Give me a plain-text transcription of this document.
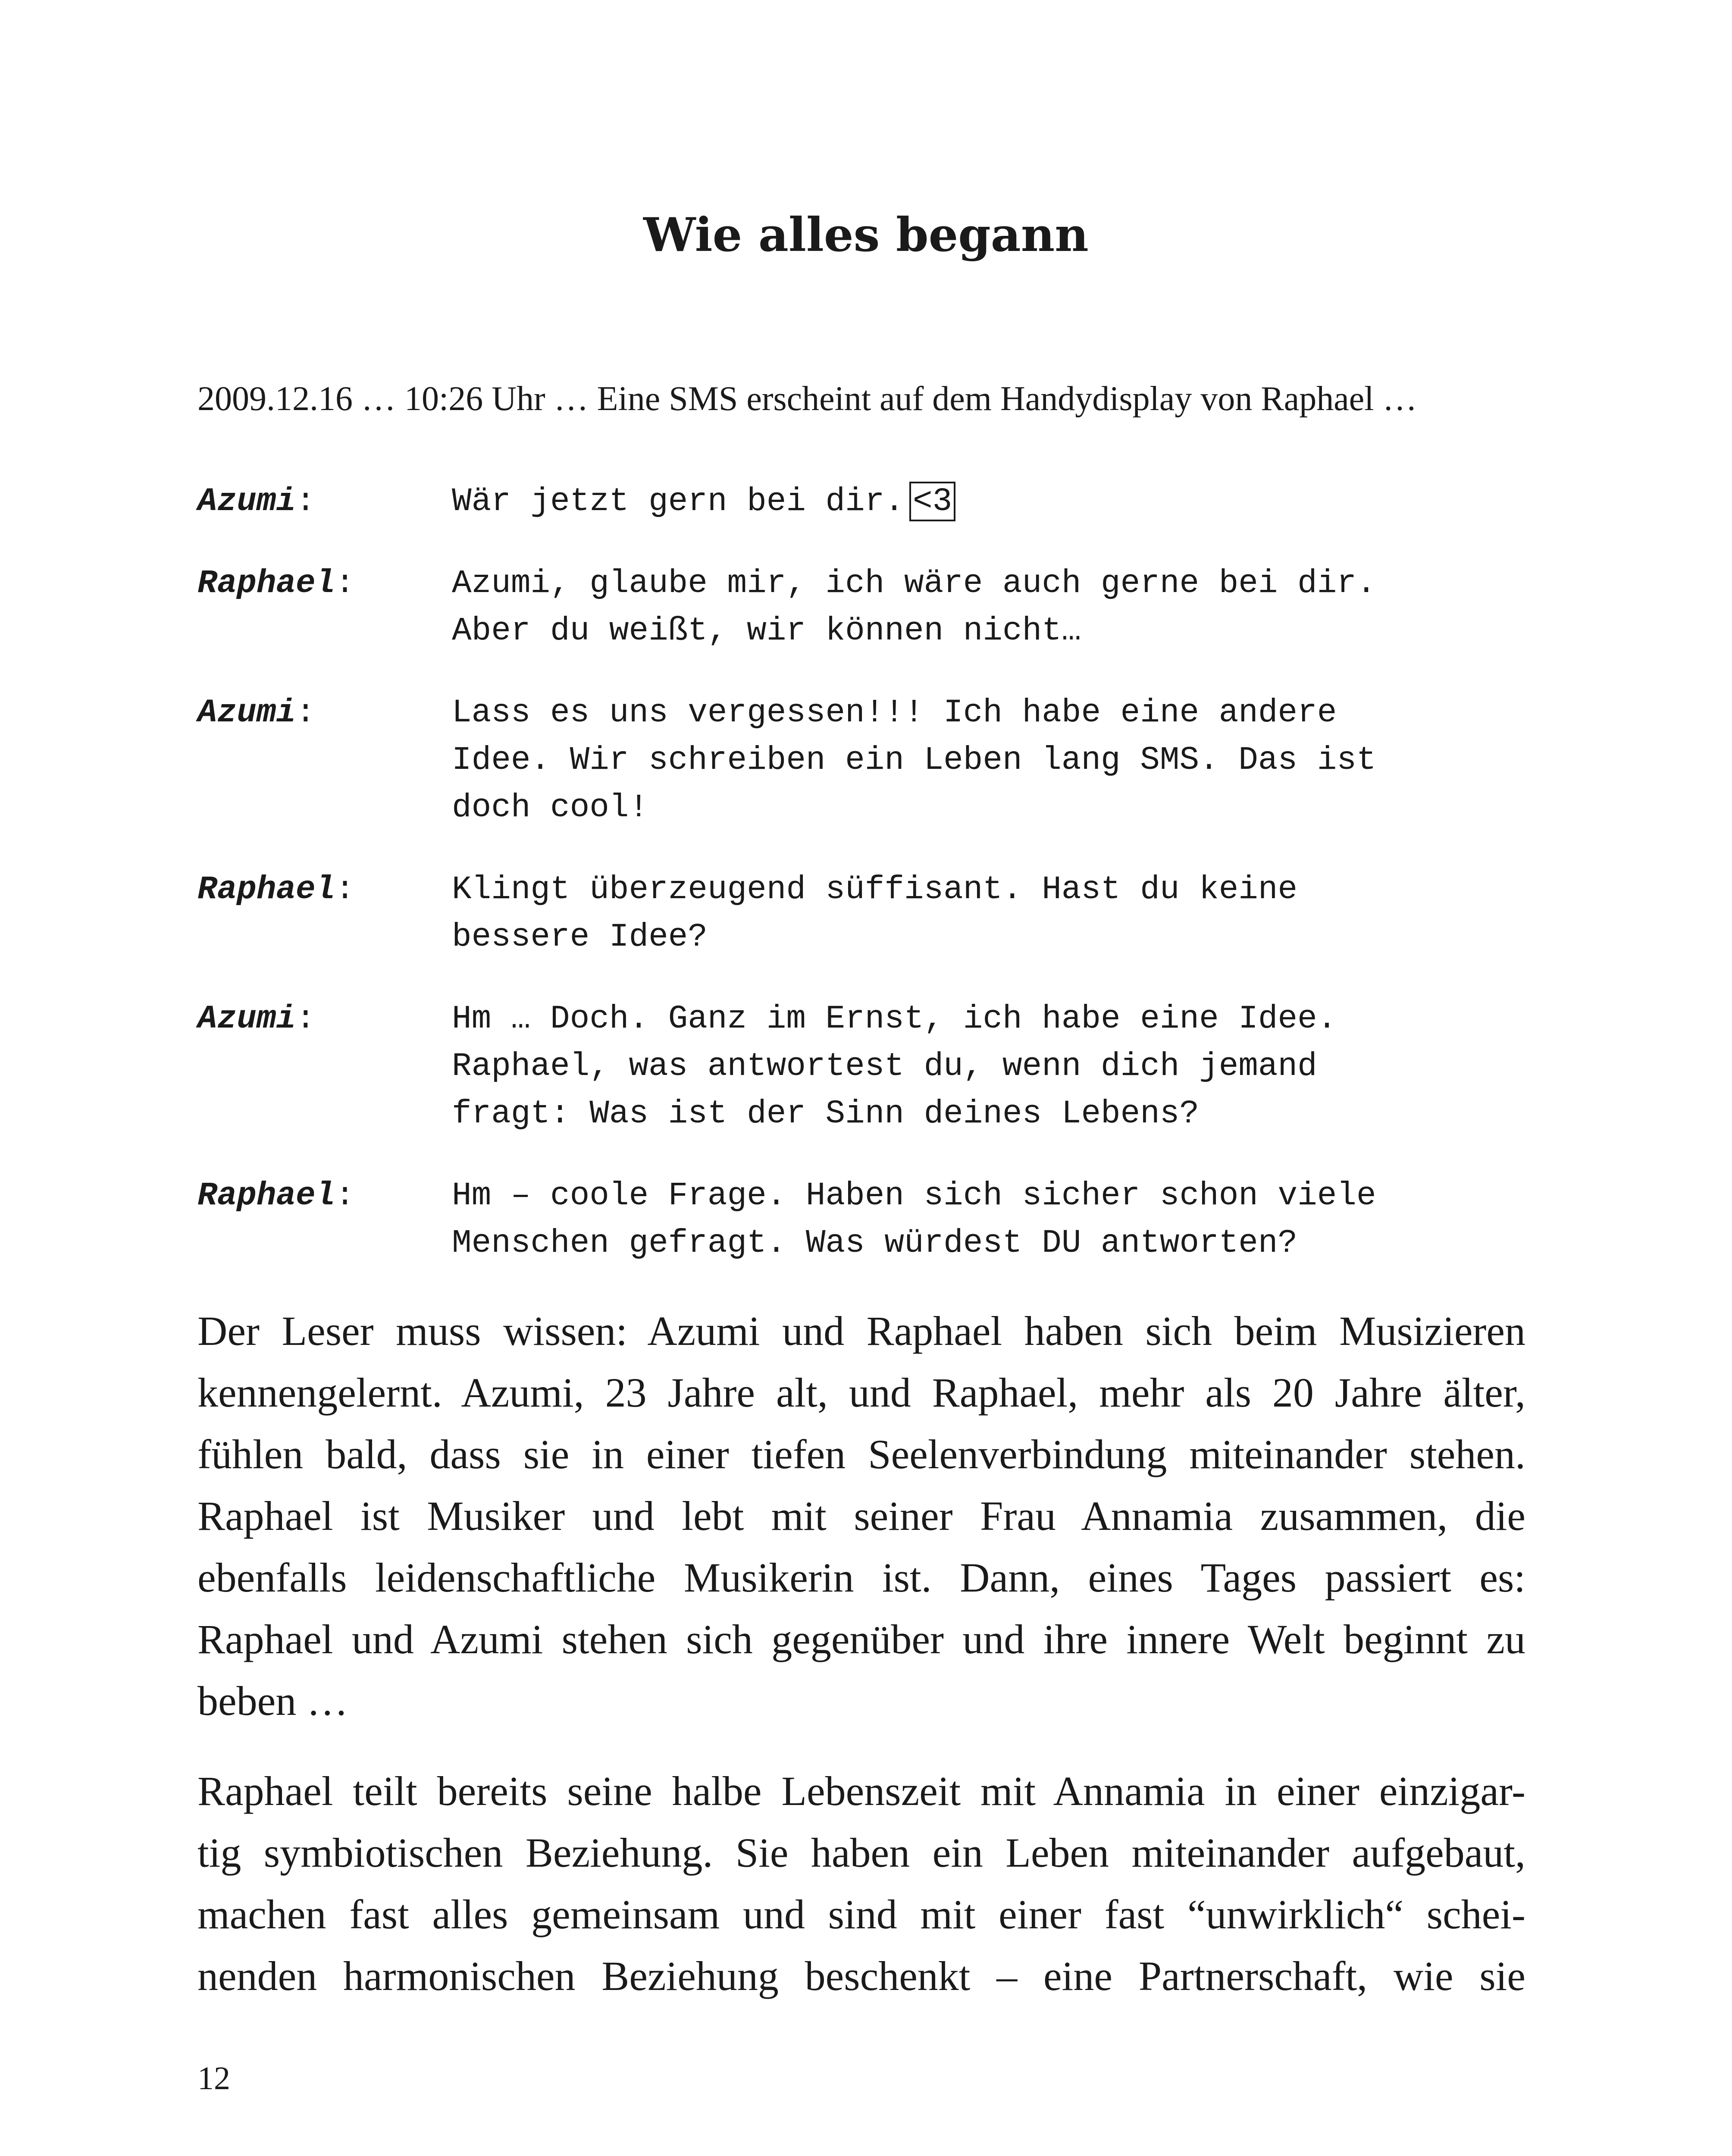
Wie alles begann

2009.12.16 … 10:26 Uhr … Eine SMS erscheint auf dem Handydisplay von Raphael …

Azumi:	Wär jetzt gern bei dir. <3
Raphael:	Azumi, glaube mir, ich wäre auch gerne bei dir.
Aber du weißt, wir können nicht…
Azumi:	Lass es uns vergessen!!! Ich habe eine andere
Idee. Wir schreiben ein Leben lang SMS. Das ist
doch cool!
Raphael:	Klingt überzeugend süffisant. Hast du keine
bessere Idee?
Azumi:	Hm … Doch. Ganz im Ernst, ich habe eine Idee.
Raphael, was antwortest du, wenn dich jemand
fragt: Was ist der Sinn deines Lebens?
Raphael:	Hm – coole Frage. Haben sich sicher schon viele
Menschen gefragt. Was würdest DU antworten?
Der Leser muss wissen: Azumi und Raphael haben sich beim Musizieren
kennengelernt. Azumi, 23 Jahre alt, und Raphael, mehr als 20 Jahre älter,
fühlen bald, dass sie in einer tiefen Seelenverbindung miteinander stehen.
Raphael ist Musiker und lebt mit seiner Frau Annamia zusammen, die
ebenfalls leidenschaftliche Musikerin ist. Dann, eines Tages passiert es:
Raphael und Azumi stehen sich gegenüber und ihre innere Welt beginnt zu
beben …
Raphael teilt bereits seine halbe Lebenszeit mit Annamia in einer einzigar-
tig symbiotischen Beziehung. Sie haben ein Leben miteinander aufgebaut,
machen fast alles gemeinsam und sind mit einer fast “unwirklich“ schei-
nenden harmonischen Beziehung beschenkt – eine Partnerschaft, wie sie
12
